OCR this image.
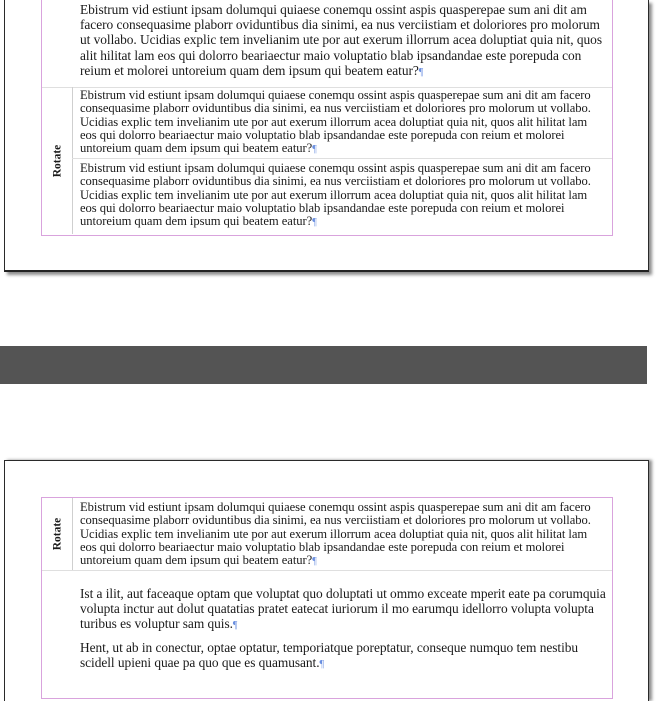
Ebistrum vid estiunt ipsam dolumqui quiaese conemqu ossint aspis quasperepae sum ani dit am facero consequasime plaborr oviduntibus dia sinimi, ea nus verciistiam et doloriores pro molorum ut vollabo. Ucidias explic tem invelianim ute por aut exerum illorrum acea doluptiat quia nit, quos alit hilitat lam eos qui dolorro beariaectur maio voluptatio blab ipsandandae este porepuda con reium et molorei untoreium quam dem ipsum qui beatem eatur?¶

Rotate

Ebistrum vid estiunt ipsam dolumqui quiaese conemqu ossint aspis quasperepae sum ani dit am facero consequasime plaborr oviduntibus dia sinimi, ea nus verciistiam et doloriores pro molorum ut vollabo. Ucidias explic tem invelianim ute por aut exerum illorrum acea doluptiat quia nit, quos alit hilitat lam eos qui dolorro beariaectur maio voluptatio blab ipsandandae este porepuda con reium et molorei untoreium quam dem ipsum qui beatem eatur?¶

Ebistrum vid estiunt ipsam dolumqui quiaese conemqu ossint aspis quasperepae sum ani dit am facero consequasime plaborr oviduntibus dia sinimi, ea nus verciistiam et doloriores pro molorum ut vollabo. Ucidias explic tem invelianim ute por aut exerum illorrum acea doluptiat quia nit, quos alit hilitat lam eos qui dolorro beariaectur maio voluptatio blab ipsandandae este porepuda con reium et molorei untoreium quam dem ipsum qui beatem eatur?¶

Rotate

Ebistrum vid estiunt ipsam dolumqui quiaese conemqu ossint aspis quasperepae sum ani dit am facero consequasime plaborr oviduntibus dia sinimi, ea nus verciistiam et doloriores pro molorum ut vollabo. Ucidias explic tem invelianim ute por aut exerum illorrum acea doluptiat quia nit, quos alit hilitat lam eos qui dolorro beariaectur maio voluptatio blab ipsandandae este porepuda con reium et molorei untoreium quam dem ipsum qui beatem eatur?¶

Ist a ilit, aut faceaque optam que voluptat quo doluptati ut ommo exceate mperit eate pa corumquia volupta inctur aut dolut quatatias pratet eatecat iuriorum il mo earumqu idellorro volupta volupta turibus es voluptur sam quis.¶

Hent, ut ab in conectur, optae optatur, temporiatque poreptatur, conseque numquo tem nestibu scidell upieni quae pa quo que es quamusant.¶
